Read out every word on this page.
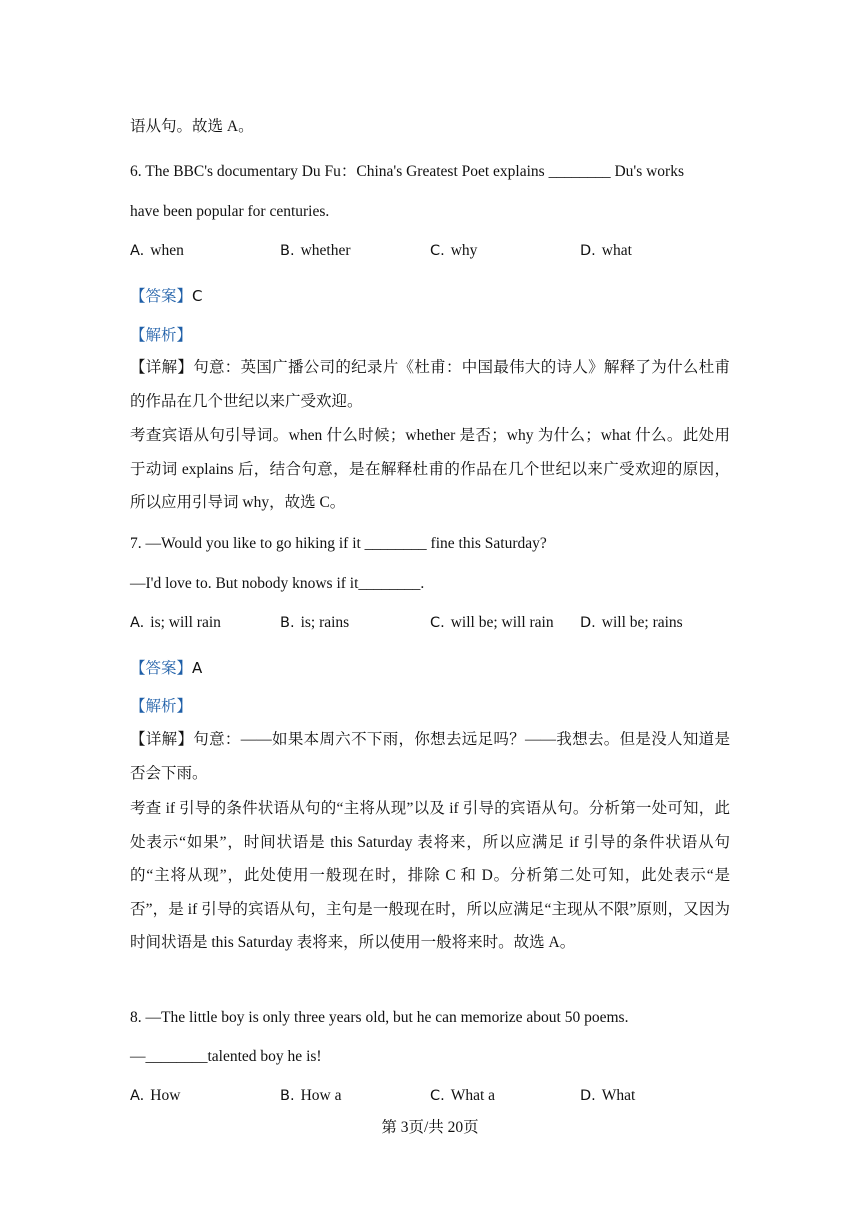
语从句。故选 A。
6. The BBC's documentary Du Fu：China's Greatest Poet explains ________ Du's works
have been popular for centuries.
A. when	B. whether	C. why	D. what
【答案】C
【解析】
【详解】句意：英国广播公司的纪录片《杜甫：中国最伟大的诗人》解释了为什么杜甫的作品在几个世纪以来广受欢迎。
考查宾语从句引导词。when 什么时候；whether 是否；why 为什么；what 什么。此处用于动词 explains 后，结合句意，是在解释杜甫的作品在几个世纪以来广受欢迎的原因，所以应用引导词 why，故选 C。
7. —Would you like to go hiking if it ________ fine this Saturday?
—I'd love to. But nobody knows if it________.
A. is; will rain	B. is; rains	C. will be; will rain D. will be; rains
【答案】A
【解析】
【详解】句意：——如果本周六不下雨，你想去远足吗？——我想去。但是没人知道是否会下雨。
考查 if 引导的条件状语从句的“主将从现”以及 if 引导的宾语从句。分析第一处可知，此处表示“如果”，时间状语是 this Saturday 表将来，所以应满足 if 引导的条件状语从句的“主将从现”，此处使用一般现在时，排除 C 和 D。分析第二处可知，此处表示“是否”，是 if 引导的宾语从句，主句是一般现在时，所以应满足“主现从不限”原则，又因为时间状语是 this Saturday 表将来，所以使用一般将来时。故选 A。
8. —The little boy is only three years old, but he can memorize about 50 poems.
—________talented boy he is!
A. How	B. How a	C. What a	D. What
第 3页/共 20页
